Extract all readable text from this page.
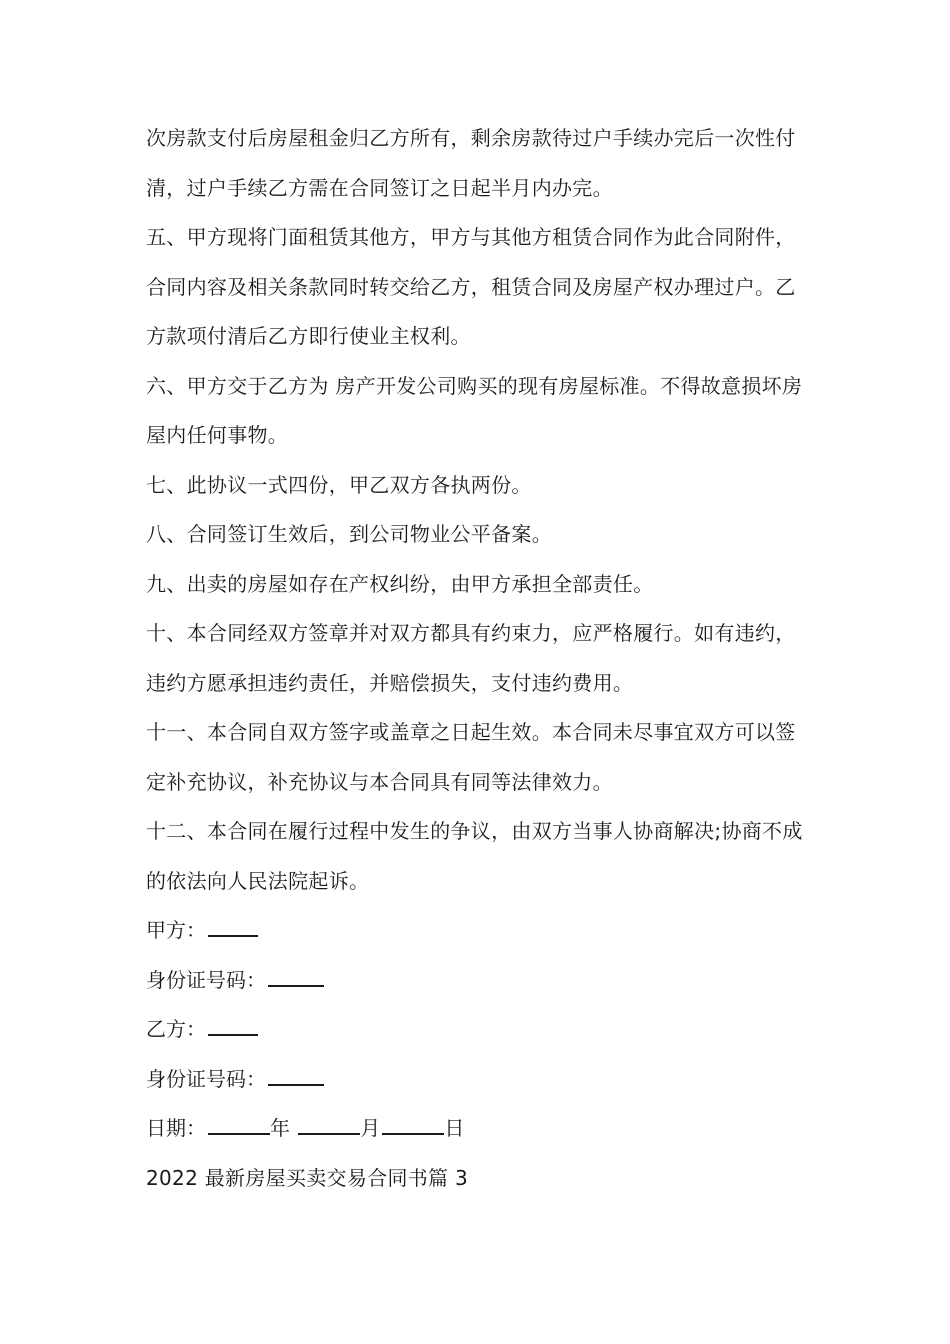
次房款支付后房屋租金归乙方所有，剩余房款待过户手续办完后一次性付清，过户手续乙方需在合同签订之日起半月内办完。

五、甲方现将门面租赁其他方，甲方与其他方租赁合同作为此合同附件，合同内容及相关条款同时转交给乙方，租赁合同及房屋产权办理过户。乙方款项付清后乙方即行使业主权利。

六、甲方交于乙方为 房产开发公司购买的现有房屋标准。不得故意损坏房屋内任何事物。

七、此协议一式四份，甲乙双方各执两份。

八、合同签订生效后，到公司物业公平备案。

九、出卖的房屋如存在产权纠纷，由甲方承担全部责任。

十、本合同经双方签章并对双方都具有约束力，应严格履行。如有违约，违约方愿承担违约责任，并赔偿损失，支付违约费用。

十一、本合同自双方签字或盖章之日起生效。本合同未尽事宜双方可以签定补充协议，补充协议与本合同具有同等法律效力。

十二、本合同在履行过程中发生的争议，由双方当事人协商解决;协商不成的依法向人民法院起诉。

甲方：

身份证号码：

乙方：

身份证号码：

日期：	年	月	日

2022 最新房屋买卖交易合同书篇 3
